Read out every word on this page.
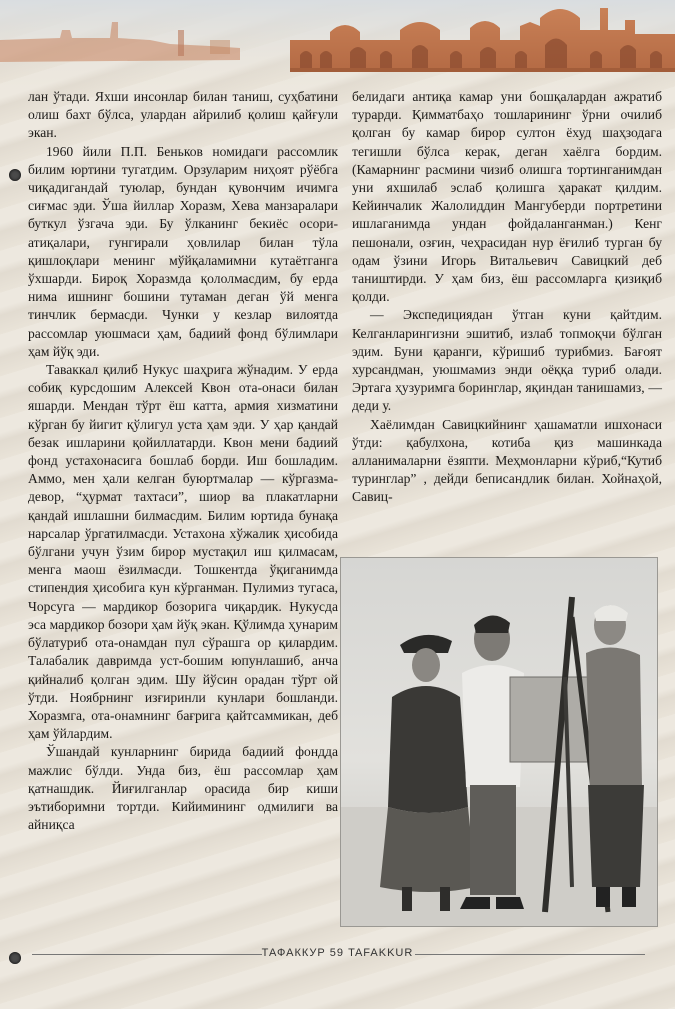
лан ўтади. Яхши инсонлар билан таниш, суҳбатини олиш бахт бўлса, улардан айрилиб қолиш қайғули экан.

1960 йили П.П. Беньков номидаги рассомлик билим юртини тугатдим. Орзуларим ниҳоят рўёбга чиқадигандай туюлар, бундан қувончим ичимга сиғмас эди. Ўша йиллар Хоразм, Хева манзаралари буткул ўзгача эди. Бу ўлканинг бекиёс осори-атиқалари, гунгирали ҳовлилар билан тўла қишлоқлари менинг мўйқаламимни кутаётганга ўхшарди. Бироқ Хоразмда қололмасдим, бу ерда нима ишнинг бошини тутаман деган ўй менга тинчлик бермасди. Чунки у кезлар вилоятда рассомлар уюшмаси ҳам, бадиий фонд бўлимлари ҳам йўқ эди.

Таваккал қилиб Нукус шаҳрига жўнадим. У ерда собиқ курсдошим Алексей Квон ота-онаси билан яшарди. Мендан тўрт ёш катта, армия хизматини кўрган бу йигит қўлигул уста ҳам эди. У ҳар қандай безак ишларини қойиллатарди. Квон мени бадиий фонд устахонасига бошлаб борди. Иш бошладим. Аммо, мен ҳали келган буюртмалар — кўргазма-девор, “ҳурмат тахтаси”, шиор ва плакатларни қандай ишлашни билмасдим. Билим юртида бунақа нарсалар ўргатилмасди. Устахона хўжалик ҳисобида бўлгани учун ўзим бирор мустақил иш қилмасам, менга маош ёзилмасди. Тошкентда ўқиганимда стипендия ҳисобига кун кўрганман. Пулимиз тугаса, Чорсуга — мардикор бозорига чиқардик. Нукусда эса мардикор бозори ҳам йўқ экан. Қўлимда ҳунарим бўлатуриб ота-онамдан пул сўрашга ор қилардим. Талабалик давримда уст-бошим юпунлашиб, анча қийналиб қолган эдим. Шу йўсин орадан тўрт ой ўтди. Ноябрнинг изғиринли кунлари бошланди. Хоразмга, ота-онамнинг бағрига қайтсаммикан, деб ҳам ўйлардим.

Ўшандай кунларнинг бирида бадиий фондда мажлис бўлди. Унда биз, ёш рассомлар ҳам қатнашдик. Йиғилганлар орасида бир киши эътиборимни тортди. Кийимининг одмилиги ва айниқса

белидаги антиқа камар уни бошқалардан ажратиб турарди. Қимматбаҳо тошларининг ўрни очилиб қолган бу камар бирор султон ёхуд шаҳзодага тегишли бўлса керак, деган хаёлга бордим. (Камарнинг расмини чизиб олишга тортинганимдан уни яхшилаб эслаб қолишга ҳаракат қилдим. Кейинчалик Жалолиддин Мангуберди портретини ишлаганимда ундан фойдаланганман.) Кенг пешонали, озғин, чеҳрасидан нур ёғилиб турган бу одам ўзини Игорь Витальевич Савицкий деб таништирди. У ҳам биз, ёш рассомларга қизиқиб қолди.

— Экспедициядан ўтган куни қайтдим. Келганларингизни эшитиб, излаб топмоқчи бўлган эдим. Буни қаранги, кўришиб турибмиз. Бағоят хурсандман, уюшмамиз энди оёққа туриб олади. Эртага ҳузуримга боринглар, яқиндан танишамиз, — деди у.

Хаёлимдан Савицкийнинг ҳашаматли ишхонаси ўтди: қабулхона, котиба қиз машинкада алланималарни ёзяпти. Меҳмонларни кўриб,“Кутиб туринглар” , дейди беписандлик билан. Хойнаҳой, Савиц-

ТАФАККУР 59 TAFAKKUR
